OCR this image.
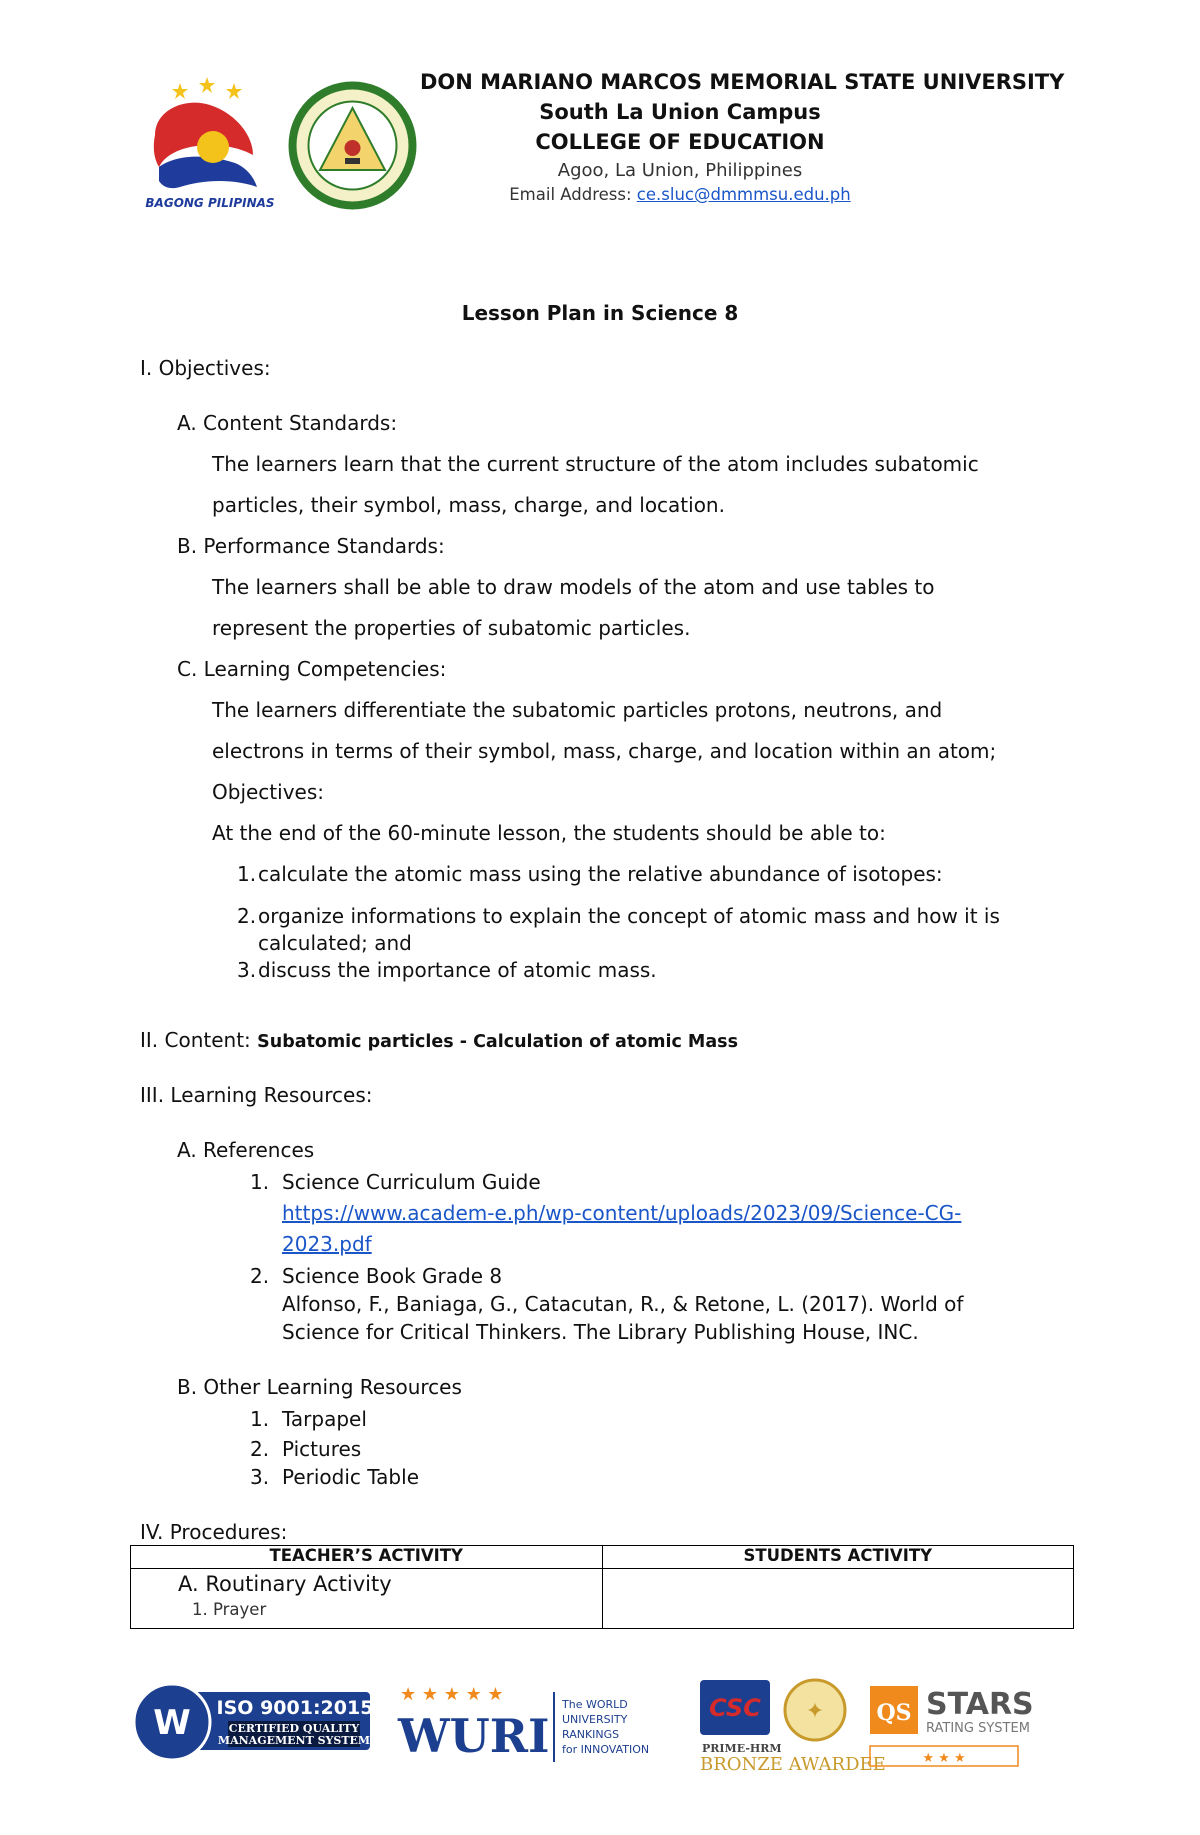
BAGONG PILIPINAS
DON MARIANO MARCOS MEMORIAL STATE UNIVERSITY
South La Union Campus
COLLEGE OF EDUCATION
Agoo, La Union, Philippines
Email Address: ce.sluc@dmmmsu.edu.ph
Lesson Plan in Science 8
I. Objectives:
A. Content Standards:
The learners learn that the current structure of the atom includes subatomic
particles, their symbol, mass, charge, and location.
B. Performance Standards:
The learners shall be able to draw models of the atom and use tables to
represent the properties of subatomic particles.
C. Learning Competencies:
The learners differentiate the subatomic particles protons, neutrons, and
electrons in terms of their symbol, mass, charge, and location within an atom;
Objectives:
At the end of the 60-minute lesson, the students should be able to:
1. calculate the atomic mass using the relative abundance of isotopes:
2. organize informations to explain the concept of atomic mass and how it is
calculated; and
3. discuss the importance of atomic mass.
II. Content: Subatomic particles - Calculation of atomic Mass
III. Learning Resources:
A. References
1. Science Curriculum Guide
https://www.academ-e.ph/wp-content/uploads/2023/09/Science-CG-
2023.pdf
2. Science Book Grade 8
Alfonso, F., Baniaga, G., Catacutan, R., & Retone, L. (2017). World of
Science for Critical Thinkers. The Library Publishing House, INC.
B. Other Learning Resources
1. Tarpapel
2. Pictures
3. Periodic Table
IV. Procedures:
TEACHER’S ACTIVITY	STUDENTS ACTIVITY

A. Routinary Activity
1. Prayer	

W ISO 9001:2015
CERTIFIED QUALITY
MANAGEMENT SYSTEM
★ ★ ★ ★ ★
WURI
The WORLD
UNIVERSITY
RANKINGS
for INNOVATION
CSC
PRIME-HRM
✦
BRONZE AWARDEE
QS STARS
RATING SYSTEM
★ ★ ★
